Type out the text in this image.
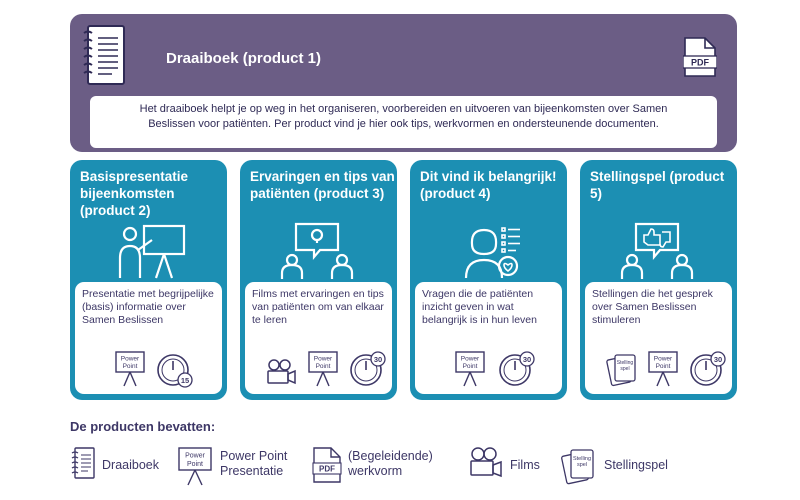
Draaiboek (product 1)	PDF
Het draaiboek helpt je op weg in het organiseren, voorbereiden en uitvoeren van bijeenkomsten over Samen Beslissen voor patiënten. Per product vind je hier ook tips, werkvormen en ondersteunende documenten.
Basispresentatie bijeenkomsten (product 2)
Presentatie met begrijpelijke (basis) informatie over Samen Beslissen
Power
Point
15
Ervaringen en tips van patiënten (product 3)
Films met ervaringen en tips van patiënten om van elkaar te leren
Power
Point
30
Dit vind ik belangrijk! (product 4)
Vragen die de patiënten inzicht geven in wat belangrijk is in hun leven
Power
Point
30
Stellingspel (product 5)
Stellingen die het gesprek over Samen Beslissen stimuleren
Stelling
spel
Power
Point
30
De producten bevatten:
Draaiboek
Power
Point
Power Point
Presentatie	PDF
(Begeleidende)
werkvorm	Films	Stelling
spel Stellingspel
